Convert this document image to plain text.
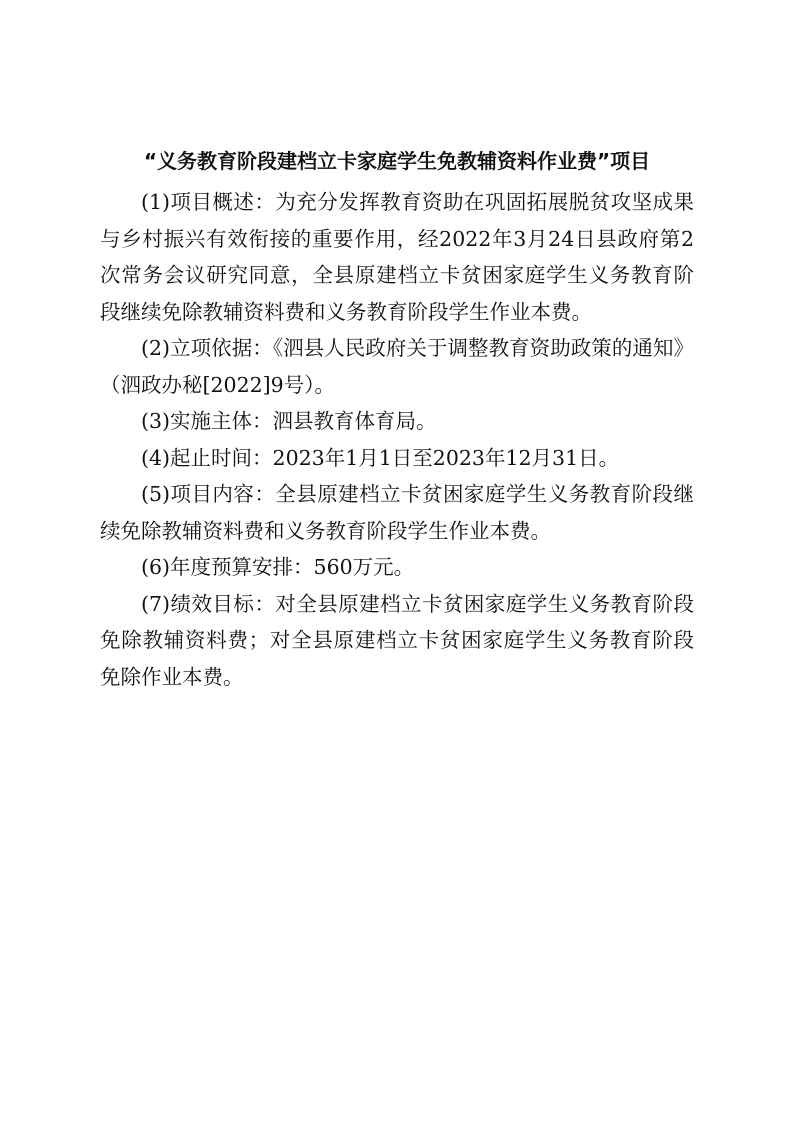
“义务教育阶段建档立卡家庭学生免教辅资料作业费”项目

(1)项目概述：为充分发挥教育资助在巩固拓展脱贫攻坚成果与乡村振兴有效衔接的重要作用，经2022年3月24日县政府第2次常务会议研究同意，全县原建档立卡贫困家庭学生义务教育阶段继续免除教辅资料费和义务教育阶段学生作业本费。

(2)立项依据：《泗县人民政府关于调整教育资助政策的通知》（泗政办秘[2022]9号）。

(3)实施主体：泗县教育体育局。

(4)起止时间：2023年1月1日至2023年12月31日。

(5)项目内容：全县原建档立卡贫困家庭学生义务教育阶段继续免除教辅资料费和义务教育阶段学生作业本费。

(6)年度预算安排：560万元。

(7)绩效目标：对全县原建档立卡贫困家庭学生义务教育阶段免除教辅资料费；对全县原建档立卡贫困家庭学生义务教育阶段免除作业本费。
